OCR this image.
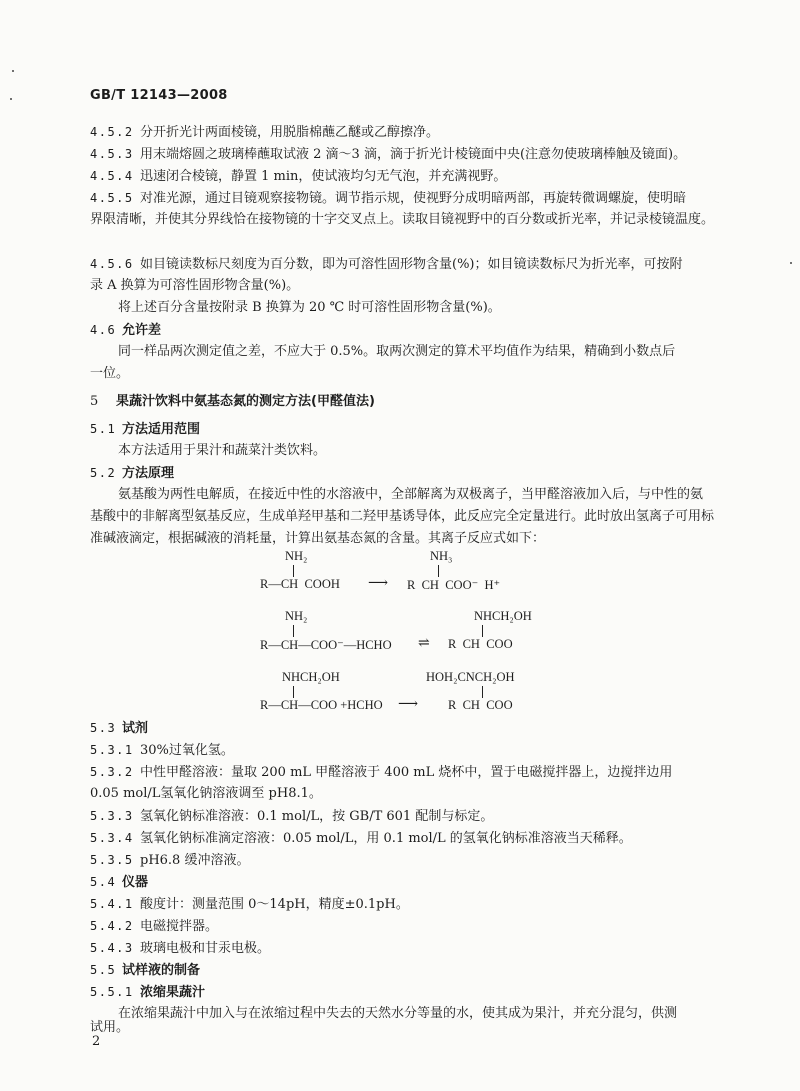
GB/T 12143—2008
4.5.2 分开折光计两面棱镜，用脱脂棉蘸乙醚或乙醇擦净。
4.5.3 用末端熔圆之玻璃棒蘸取试液 2 滴～3 滴，滴于折光计棱镜面中央(注意勿使玻璃棒触及镜面)。
4.5.4 迅速闭合棱镜，静置 1 min，使试液均匀无气泡，并充满视野。
4.5.5 对准光源，通过目镜观察接物镜。调节指示规，使视野分成明暗两部，再旋转微调螺旋，使明暗
界限清晰，并使其分界线恰在接物镜的十字交叉点上。读取目镜视野中的百分数或折光率，并记录棱镜温度。
4.5.6 如目镜读数标尺刻度为百分数，即为可溶性固形物含量(%)；如目镜读数标尺为折光率，可按附
录 A 换算为可溶性固形物含量(%)。
将上述百分含量按附录 B 换算为 20 ℃ 时可溶性固形物含量(%)。
4.6 允许差
同一样品两次测定值之差，不应大于 0.5%。取两次测定的算术平均值作为结果，精确到小数点后
一位。
5 果蔬汁饮料中氨基态氮的测定方法(甲醛值法)
5.1 方法适用范围
本方法适用于果汁和蔬菜汁类饮料。
5.2 方法原理
氨基酸为两性电解质，在接近中性的水溶液中，全部解离为双极离子，当甲醛溶液加入后，与中性的氨基酸中的非解离型氨基反应，生成单羟甲基和二羟甲基诱导体，此反应完全定量进行。此时放出氢离子可用标准碱液滴定，根据碱液的消耗量，计算出氨基态氮的含量。其离子反应式如下：
NH₂
R—CH  COOH ⟶
NH₃
R  CH  COO⁻  H⁺
NH₂
R—CH—COO⁻—HCHO ⇌
NHCH₂OH
R  CH  COO
NHCH₂OH
R—CH—COO +HCHO ⟶
HOH₂CNCH₂OH
R  CH  COO
5.3 试剂
5.3.1 30%过氧化氢。
5.3.2 中性甲醛溶液：量取 200 mL 甲醛溶液于 400 mL 烧杯中，置于电磁搅拌器上，边搅拌边用
0.05 mol/L氢氧化钠溶液调至 pH8.1。
5.3.3 氢氧化钠标准溶液：0.1 mol/L，按 GB/T 601 配制与标定。
5.3.4 氢氧化钠标准滴定溶液：0.05 mol/L，用 0.1 mol/L 的氢氧化钠标准溶液当天稀释。
5.3.5 pH6.8 缓冲溶液。
5.4 仪器
5.4.1 酸度计：测量范围 0～14pH，精度±0.1pH。
5.4.2 电磁搅拌器。
5.4.3 玻璃电极和甘汞电极。
5.5 试样液的制备
5.5.1 浓缩果蔬汁
在浓缩果蔬汁中加入与在浓缩过程中失去的天然水分等量的水，使其成为果汁，并充分混匀，供测
试用。
2
